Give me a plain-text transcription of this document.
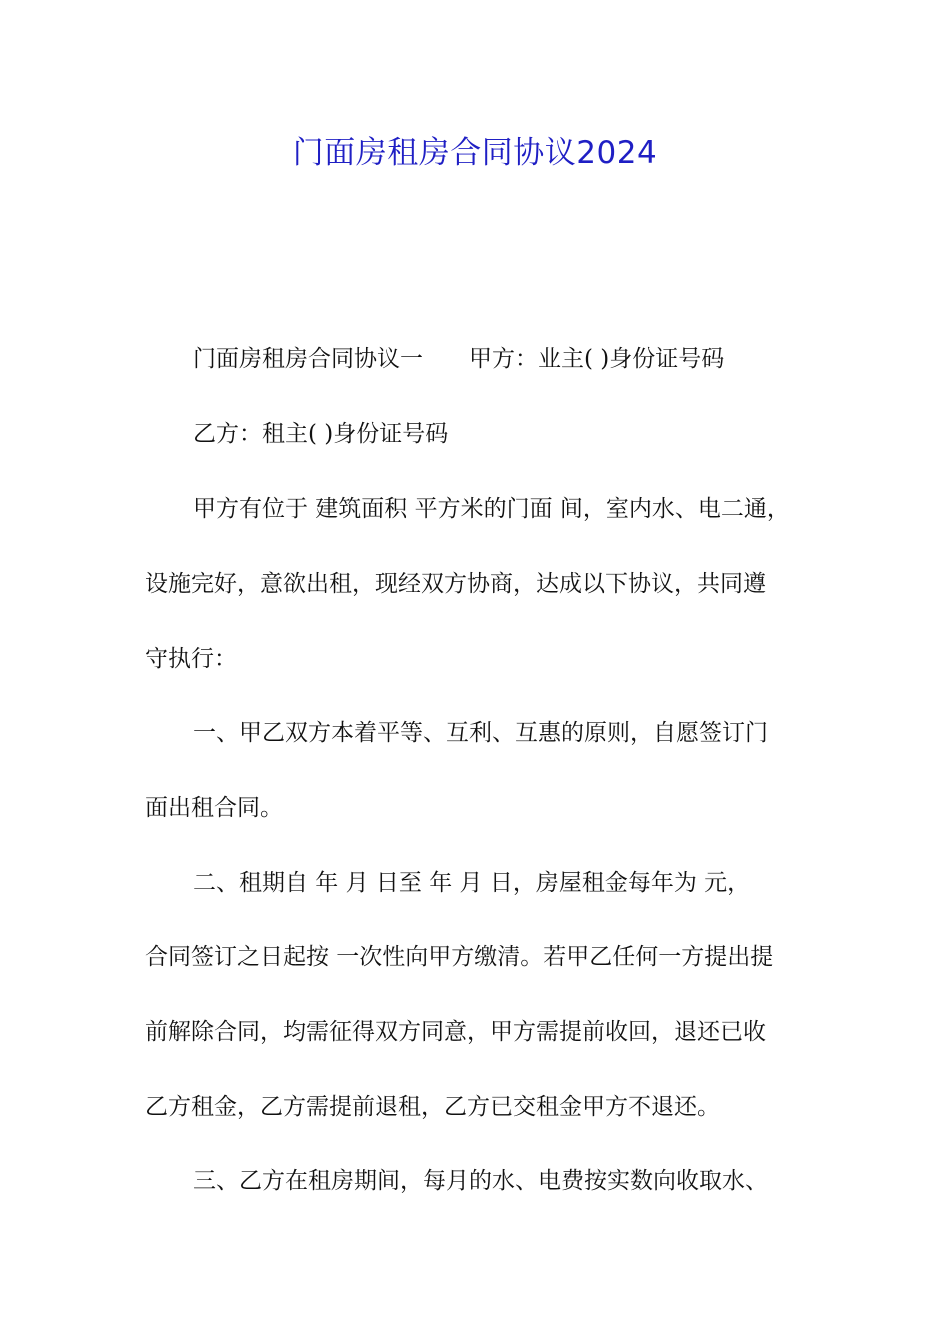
门面房租房合同协议2024

门面房租房合同协议一　　甲方：业主( )身份证号码

乙方：租主( )身份证号码

甲方有位于 建筑面积 平方米的门面 间，室内水、电二通，

设施完好，意欲出租，现经双方协商，达成以下协议，共同遵

守执行：

一、甲乙双方本着平等、互利、互惠的原则，自愿签订门

面出租合同。

二、租期自 年 月 日至 年 月 日，房屋租金每年为 元，

合同签订之日起按 一次性向甲方缴清。若甲乙任何一方提出提

前解除合同，均需征得双方同意，甲方需提前收回，退还已收

乙方租金，乙方需提前退租，乙方已交租金甲方不退还。

三、乙方在租房期间，每月的水、电费按实数向收取水、
